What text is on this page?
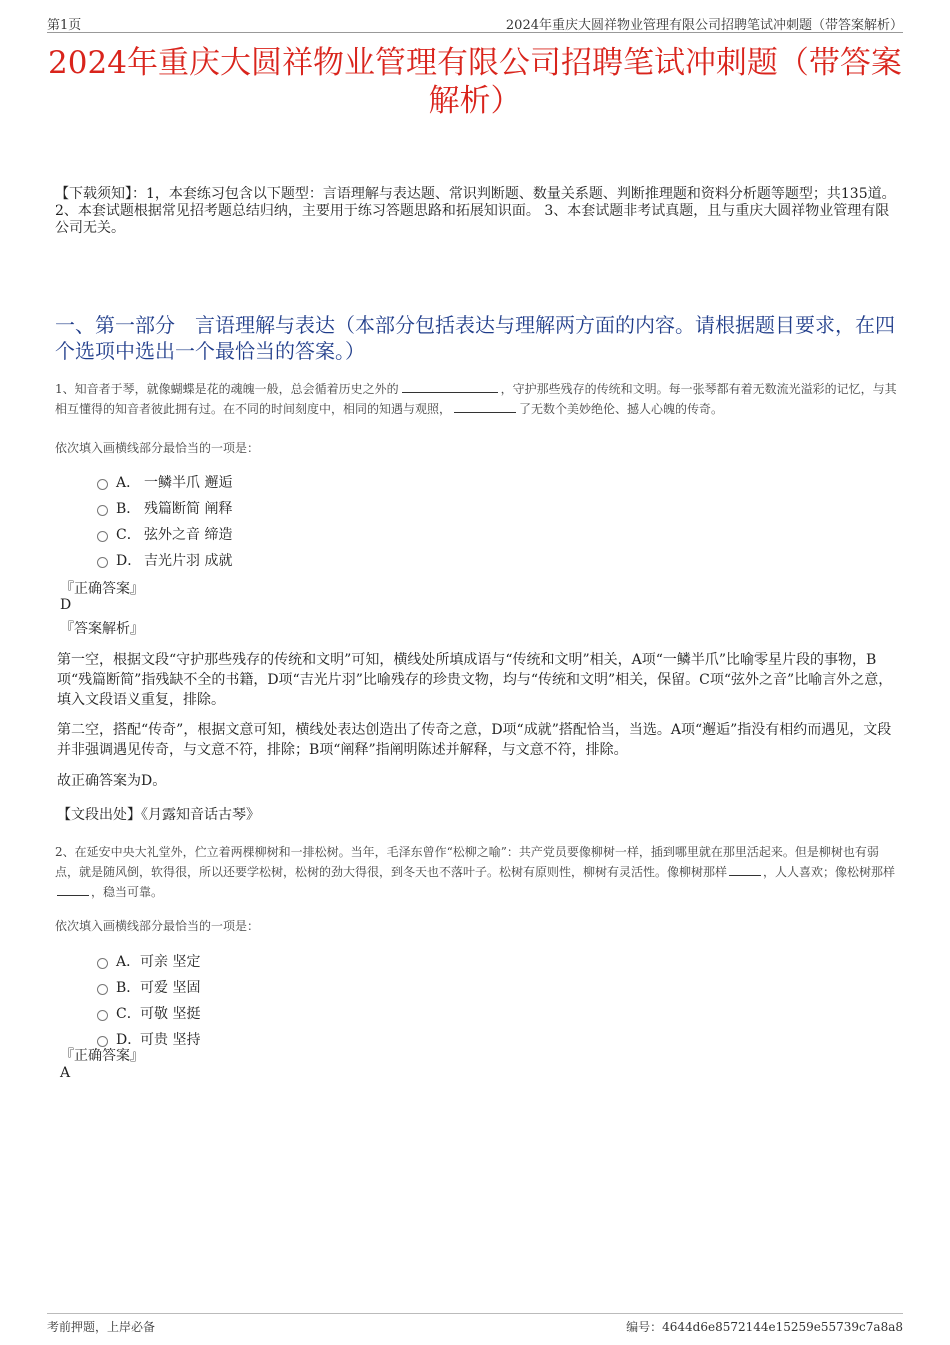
第1页	2024年重庆大圆祥物业管理有限公司招聘笔试冲刺题（带答案解析）
2024年重庆大圆祥物业管理有限公司招聘笔试冲刺题（带答案
解析）
【下载须知】：1，本套练习包含以下题型：言语理解与表达题、常识判断题、数量关系题、判断推理题和资料分析题等题型；共135道。 2、本套试题根据常见招考题总结归纳，主要用于练习答题思路和拓展知识面。 3、本套试题非考试真题，且与重庆大圆祥物业管理有限公司无关。
一、第一部分　言语理解与表达（本部分包括表达与理解两方面的内容。请根据题目要求，在四个选项中选出一个最恰当的答案。）
1、知音者于琴，就像蝴蝶是花的魂魄一般，总会循着历史之外的	，守护那些残存的传统和文明。每一张琴都有着无数流光溢彩的记忆，与其相互懂得的知音者彼此拥有过。在不同的时间刻度中，相同的知遇与观照，	了无数个美妙绝伦、撼人心魄的传奇。
依次填入画横线部分最恰当的一项是：
A． 一鳞半爪 邂逅
B． 残篇断简 阐释
C． 弦外之音 缔造
D． 吉光片羽 成就
『正确答案』
D
『答案解析』
第一空，根据文段“守护那些残存的传统和文明”可知，横线处所填成语与“传统和文明”相关，A项“一鳞半爪”比喻零星片段的事物，B项“残篇断简”指残缺不全的书籍，D项“吉光片羽”比喻残存的珍贵文物，均与“传统和文明”相关，保留。C项“弦外之音”比喻言外之意，填入文段语义重复，排除。
第二空，搭配“传奇”，根据文意可知，横线处表达创造出了传奇之意，D项“成就”搭配恰当，当选。A项“邂逅”指没有相约而遇见，文段并非强调遇见传奇，与文意不符，排除；B项“阐释”指阐明陈述并解释，与文意不符，排除。
故正确答案为D。
【文段出处】《月露知音话古琴》
2、在延安中央大礼堂外，伫立着两棵柳树和一排松树。当年，毛泽东曾作“松柳之喻”：共产党员要像柳树一样，插到哪里就在那里活起来。但是柳树也有弱点，就是随风倒，软得很，所以还要学松树，松树的劲大得很，到冬天也不落叶子。松树有原则性，柳树有灵活性。像柳树那样	，人人喜欢；像松树那样，稳当可靠。
依次填入画横线部分最恰当的一项是：
A．可亲 坚定
B．可爱 坚固
C．可敬 坚挺
D．可贵 坚持
『正确答案』
A
考前押题，上岸必备	编号：4644d6e8572144e15259e55739c7a8a8
